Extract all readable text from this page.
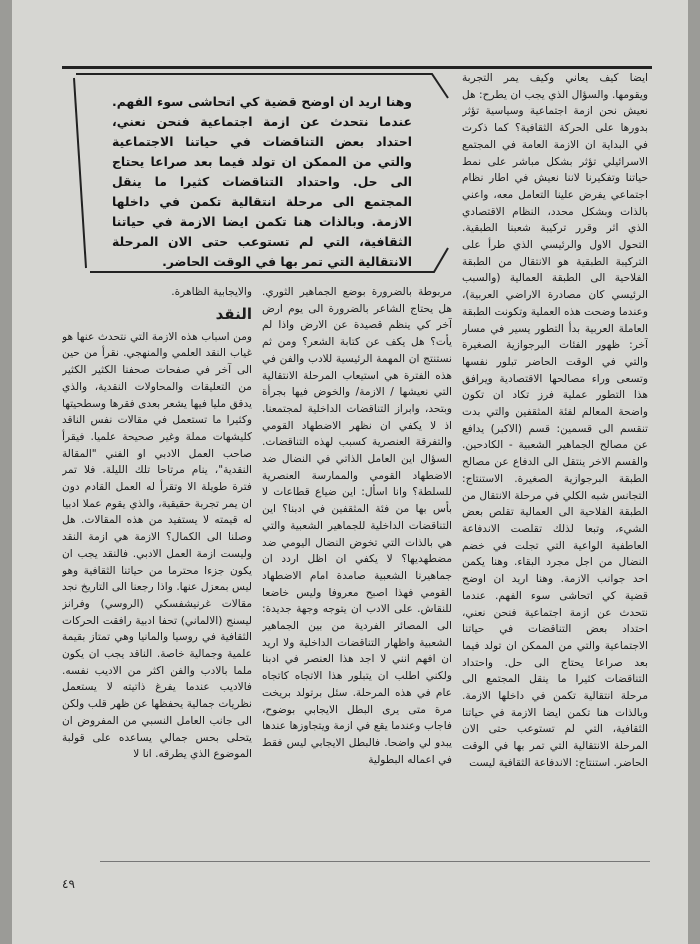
وهنا اريد ان اوضح قضية كي اتحاشى سوء الفهم. عندما نتحدث عن ازمة اجتماعية فنحن نعني، احتداد بعض التناقضات في حياتنا الاجتماعية والتي من الممكن ان تولد فيما بعد صراعا يحتاج الى حل. واحتداد التناقضات كثيرا ما ينقل المجتمع الى مرحلة انتقالية تكمن في داخلها الازمة. وبالذات هنا تكمن ايضا الازمة في حياتنا الثقافية، التي لم تستوعب حتى الان المرحلة الانتقالية التي تمر بها في الوقت الحاضر.

ايضا كيف يعاني وكيف يمر التجربة ويقومها. والسؤال الذي يجب ان يطرح: هل نعيش نحن ازمة اجتماعية وسياسية تؤثر بدورها على الحركة الثقافية؟ كما ذكرت في البداية ان الازمة العامة في المجتمع الاسرائيلي تؤثر بشكل مباشر على نمط حياتنا وتفكيرنا لاننا نعيش في اطار نظام اجتماعي يفرض علينا التعامل معه، واعني بالذات وبشكل محدد، النظام الاقتصادي الذي اثر وقرر تركيبة شعبنا الطبقية. التحول الاول والرئيسي الذي طرأ على التركيبة الطبقية هو الانتقال من الطبقة الفلاحية الى الطبقة العمالية (والسبب الرئيسي كان مصادرة الاراضي العربية)، وعندما وضحت هذه العملية وتكونت الطبقة العاملة العربية بدأ التطور يسير في مسار آخر: ظهور الفئات البرجوازية الصغيرة والتي في الوقت الحاضر تبلور نفسها وتسعى وراء مصالحها الاقتصادية ويرافق هذا التطور عملية فرز تكاد ان تكون واضحة المعالم لفئة المثقفين والتي بدت تنقسم الى قسمين: قسم (الاكبر) يدافع عن مصالح الجماهير الشعبية - الكادحين. والقسم الاخر ينتقل الى الدفاع عن مصالح الطبقة البرجوازية الصغيرة. الاستنتاج: التجانس شبه الكلي في مرحلة الانتقال من الطبقة الفلاحية الى العمالية تقلص بعض الشيء، وتبعا لذلك تقلصت الاندفاعة العاطفية الواعية التي تجلت في خضم النضال من اجل مجرد البقاء. وهنا يكمن احد جوانب الازمة. وهنا اريد ان اوضح قضية كي اتحاشى سوء الفهم. عندما نتحدث عن ازمة اجتماعية فنحن نعني، احتداد بعض التناقضات في حياتنا الاجتماعية والتي من الممكن ان تولد فيما بعد صراعا يحتاج الى حل. واحتداد التناقضات كثيرا ما ينقل المجتمع الى مرحلة انتقالية تكمن في داخلها الازمة. وبالذات هنا تكمن ايضا الازمة في حياتنا الثقافية، التي لم تستوعب حتى الان المرحلة الانتقالية التي تمر بها في الوقت الحاضر. استنتاج: الاندفاعة الثقافية ليست

مربوطة بالضرورة بوضع الجماهير الثوري. هل يحتاج الشاعر بالضرورة الى يوم ارض آخر كي ينظم قصيدة عن الارض واذا لم يأت؟ هل يكف عن كتابة الشعر؟ ومن ثم نستنتج ان المهمة الرئيسية للادب والفن في هذه الفترة هي استيعاب المرحلة الانتقالية التي نعيشها / الازمة/ والخوض فيها بجرأة وبتحد، وابراز التناقضات الداخلية لمجتمعنا. اذ لا يكفي ان نظهر الاضطهاد القومي والتفرقة العنصرية كسبب لهذه التناقضات. السؤال اين العامل الذاتي في النضال ضد الاضطهاد القومي والممارسة العنصرية للسلطة؟ وانا اسأل: اين ضياع قطاعات لا بأس بها من فئة المثقفين في ادبنا؟ اين التناقضات الداخلية للجماهير الشعبية والتي هي بالذات التي تخوض النضال اليومي ضد مضطهديها؟ لا يكفي ان اظل اردد ان جماهيرنا الشعبية صامدة امام الاضطهاد القومي فهذا اصبح معروفا وليس خاضعا للنقاش. على الادب ان يتوجه وجهة جديدة: الى المصائر الفردية من بين الجماهير الشعبية واظهار التناقضات الداخلية ولا اريد ان افهم انني لا اجد هذا العنصر في ادبنا ولكني اطلب ان يتبلور هذا الاتجاه كاتجاه عام في هذه المرحلة. سئل برتولد بريخت مرة متى يرى البطل الايجابي بوضوح، فاجاب وعندما يقع في ازمة ويتجاوزها عندها يبدو لي واضحا. فالبطل الايجابي ليس فقط في اعماله البطولية

والايجابية الظاهرة.

النقد

ومن اسباب هذه الازمة التي نتحدث عنها هو غياب النقد العلمي والمنهجي. نقرأ من حين الى آخر في صفحات صحفنا الكثير الكثير من التعليقات والمحاولات النقدية، والذي يدقق مليا فيها يشعر بعدى فقرها وسطحيتها وكثيرا ما تستعمل في مقالات نفس الناقد كليشهات مملة وغير صحيحة علميا. فيقرأ صاحب العمل الادبي او الفني "المقالة النقدية"، ينام مرتاحا تلك الليلة. فلا تمر فترة طويلة الا وتقرأ له العمل القادم دون ان يمر تجربة حقيقية، والذي يقوم عملا ادبيا له قيمته لا يستفيد من هذه المقالات. هل وصلنا الى الكمال؟ الازمة هي ازمة النقد وليست ازمة العمل الادبي. فالنقد يجب ان يكون جزءا محترما من حياتنا الثقافية وهو ليس بمعزل عنها. واذا رجعنا الى التاريخ نجد مقالات غرنيشفسكي (الروسي) وفرانز ليسنج (الالماني) تحفا ادبية رافقت الحركات الثقافية في روسيا والمانيا وهي تمتاز بقيمة علمية وجمالية خاصة. الناقد يجب ان يكون ملما بالادب والفن اكثر من الاديب نفسه. فالاديب عندما يفرغ ذاتيته لا يستعمل نظريات جمالية يحفظها عن ظهر قلب ولكن الى جانب العامل النسبي من المفروض ان يتحلى بحس جمالي يساعده على قولبة الموضوع الذي يطرقه. انا لا

٤٩
